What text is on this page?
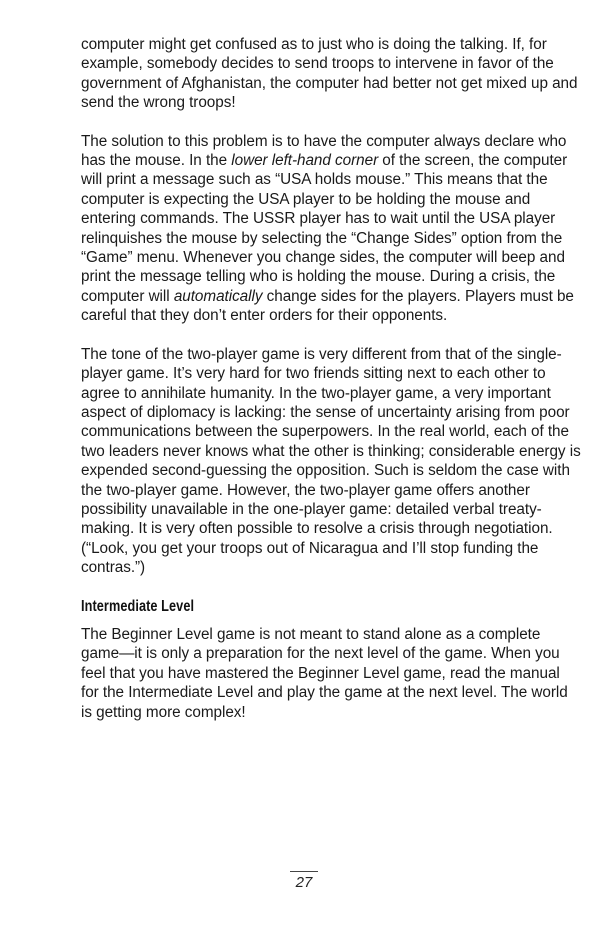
computer might get confused as to just who is doing the talking. If, for example, somebody decides to send troops to intervene in favor of the government of Afghanistan, the computer had better not get mixed up and send the wrong troops!

The solution to this problem is to have the computer always declare who has the mouse. In the lower left-hand corner of the screen, the computer will print a message such as “USA holds mouse.” This means that the computer is expecting the USA player to be holding the mouse and entering commands. The USSR player has to wait until the USA player relinquishes the mouse by selecting the “Change Sides” option from the “Game” menu. Whenever you change sides, the computer will beep and print the message telling who is holding the mouse. During a crisis, the computer will automatically change sides for the players. Players must be careful that they don’t enter orders for their opponents.

The tone of the two-player game is very different from that of the single-player game. It’s very hard for two friends sitting next to each other to agree to annihilate humanity. In the two-player game, a very important aspect of diplomacy is lacking: the sense of uncertainty arising from poor communications between the superpowers. In the real world, each of the two leaders never knows what the other is thinking; considerable energy is expended second-guessing the opposition. Such is seldom the case with the two-player game. However, the two-player game offers another possibility unavailable in the one-player game: detailed verbal treaty-making. It is very often possible to resolve a crisis through negotiation. (“Look, you get your troops out of Nicaragua and I’ll stop funding the contras.”)

Intermediate Level

The Beginner Level game is not meant to stand alone as a complete game—it is only a preparation for the next level of the game. When you feel that you have mastered the Beginner Level game, read the manual for the Intermediate Level and play the game at the next level. The world is getting more complex!

27
